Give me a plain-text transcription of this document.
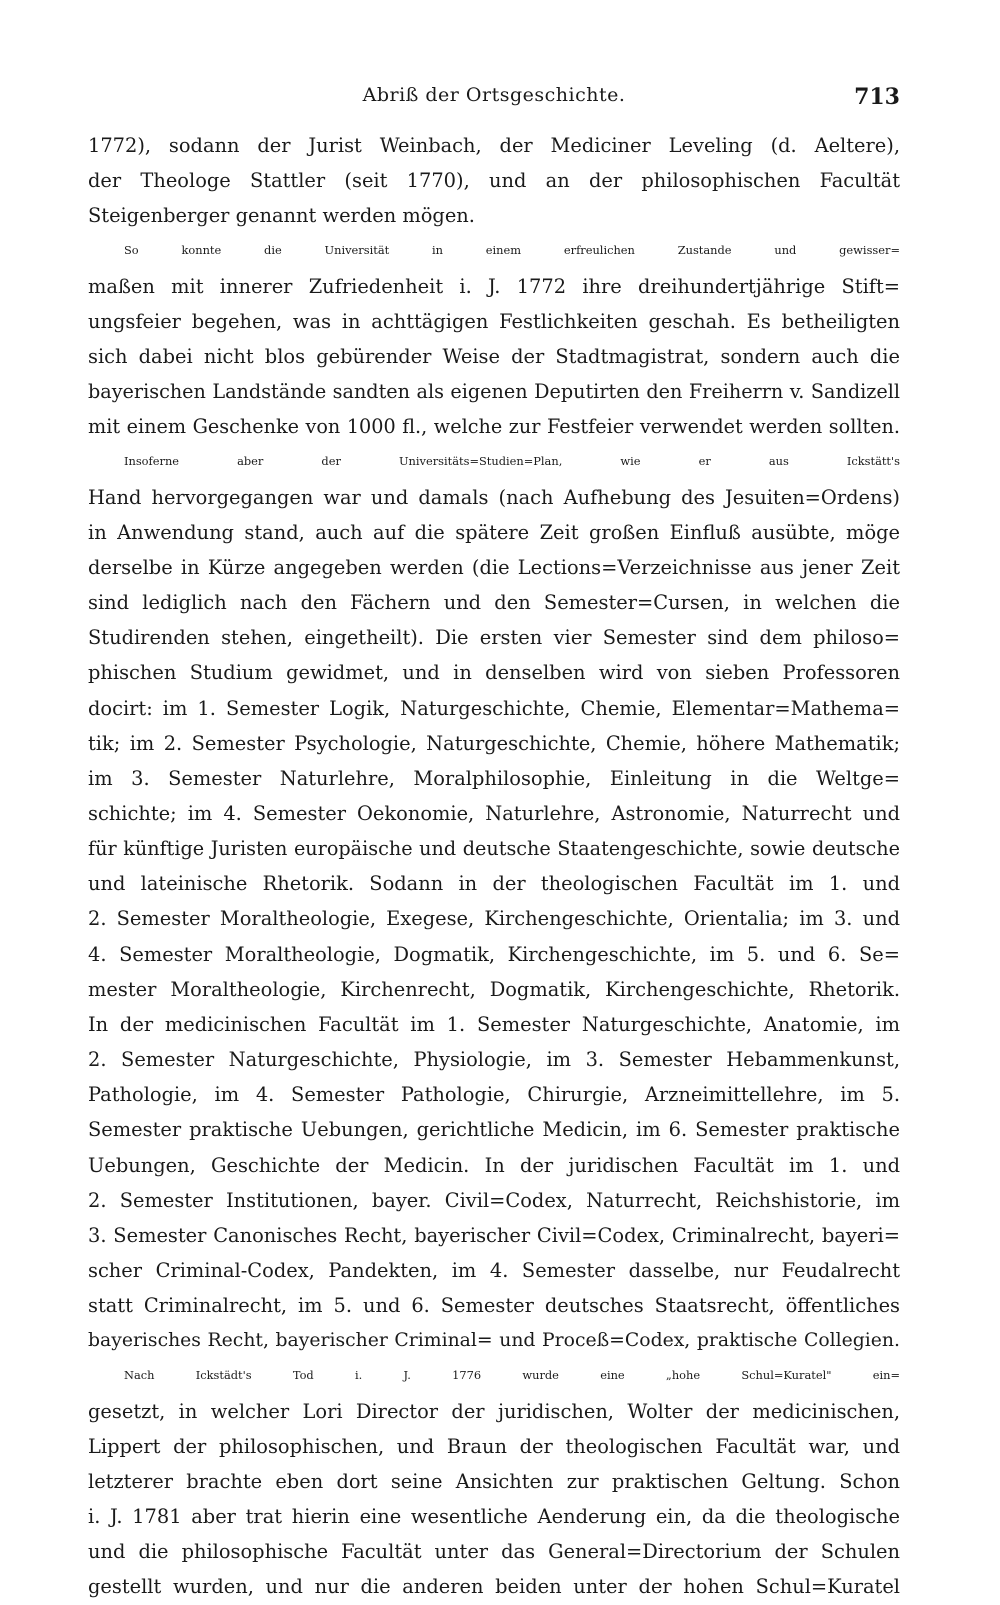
Abriß der Ortsgeschichte.	713
1772), sodann der Jurist Weinbach, der Mediciner Leveling (d. Aeltere),
der Theologe Stattler (seit 1770), und an der philosophischen Facultät
Steigenberger genannt werden mögen.
So konnte die Universität in einem erfreulichen Zustande und gewisser=
maßen mit innerer Zufriedenheit i. J. 1772 ihre dreihundertjährige Stift=
ungsfeier begehen, was in achttägigen Festlichkeiten geschah. Es betheiligten
sich dabei nicht blos gebürender Weise der Stadtmagistrat, sondern auch die
bayerischen Landstände sandten als eigenen Deputirten den Freiherrn v. Sandizell
mit einem Geschenke von 1000 fl., welche zur Festfeier verwendet werden sollten.
Insoferne aber der Universitäts=Studien=Plan, wie er aus Ickstätt's
Hand hervorgegangen war und damals (nach Aufhebung des Jesuiten=Ordens)
in Anwendung stand, auch auf die spätere Zeit großen Einfluß ausübte, möge
derselbe in Kürze angegeben werden (die Lections=Verzeichnisse aus jener Zeit
sind lediglich nach den Fächern und den Semester=Cursen, in welchen die
Studirenden stehen, eingetheilt). Die ersten vier Semester sind dem philoso=
phischen Studium gewidmet, und in denselben wird von sieben Professoren
docirt: im 1. Semester Logik, Naturgeschichte, Chemie, Elementar=Mathema=
tik; im 2. Semester Psychologie, Naturgeschichte, Chemie, höhere Mathematik;
im 3. Semester Naturlehre, Moralphilosophie, Einleitung in die Weltge=
schichte; im 4. Semester Oekonomie, Naturlehre, Astronomie, Naturrecht und
für künftige Juristen europäische und deutsche Staatengeschichte, sowie deutsche
und lateinische Rhetorik. Sodann in der theologischen Facultät im 1. und
2. Semester Moraltheologie, Exegese, Kirchengeschichte, Orientalia; im 3. und
4. Semester Moraltheologie, Dogmatik, Kirchengeschichte, im 5. und 6. Se=
mester Moraltheologie, Kirchenrecht, Dogmatik, Kirchengeschichte, Rhetorik.
In der medicinischen Facultät im 1. Semester Naturgeschichte, Anatomie, im
2. Semester Naturgeschichte, Physiologie, im 3. Semester Hebammenkunst,
Pathologie, im 4. Semester Pathologie, Chirurgie, Arzneimittellehre, im 5.
Semester praktische Uebungen, gerichtliche Medicin, im 6. Semester praktische
Uebungen, Geschichte der Medicin. In der juridischen Facultät im 1. und
2. Semester Institutionen, bayer. Civil=Codex, Naturrecht, Reichshistorie, im
3. Semester Canonisches Recht, bayerischer Civil=Codex, Criminalrecht, bayeri=
scher Criminal-Codex, Pandekten, im 4. Semester dasselbe, nur Feudalrecht
statt Criminalrecht, im 5. und 6. Semester deutsches Staatsrecht, öffentliches
bayerisches Recht, bayerischer Criminal= und Proceß=Codex, praktische Collegien.
Nach Ickstädt's Tod i. J. 1776 wurde eine „hohe Schul=Kuratel" ein=
gesetzt, in welcher Lori Director der juridischen, Wolter der medicinischen,
Lippert der philosophischen, und Braun der theologischen Facultät war, und
letzterer brachte eben dort seine Ansichten zur praktischen Geltung. Schon
i. J. 1781 aber trat hierin eine wesentliche Aenderung ein, da die theologische
und die philosophische Facultät unter das General=Directorium der Schulen
gestellt wurden, und nur die anderen beiden unter der hohen Schul=Kuratel
